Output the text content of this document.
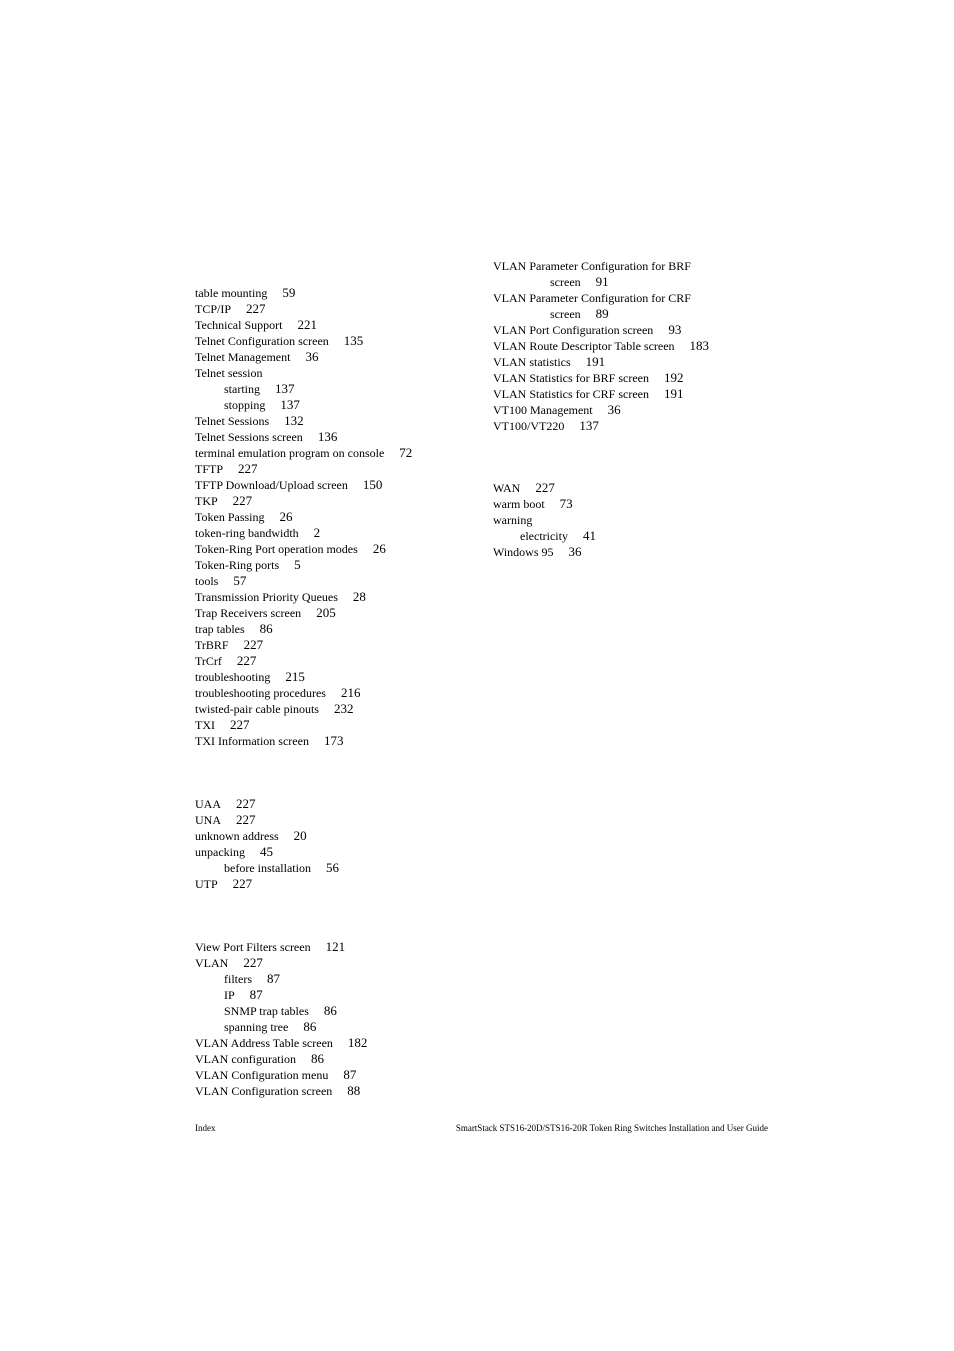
table mounting 59
TCP/IP 227
Technical Support 221
Telnet Configuration screen 135
Telnet Management 36
Telnet session
starting 137
stopping 137
Telnet Sessions 132
Telnet Sessions screen 136
terminal emulation program on console 72
TFTP 227
TFTP Download/Upload screen 150
TKP 227
Token Passing 26
token-ring bandwidth 2
Token-Ring Port operation modes 26
Token-Ring ports 5
tools 57
Transmission Priority Queues 28
Trap Receivers screen 205
trap tables 86
TrBRF 227
TrCrf 227
troubleshooting 215
troubleshooting procedures 216
twisted-pair cable pinouts 232
TXI 227
TXI Information screen 173
UAA 227
UNA 227
unknown address 20
unpacking 45
before installation 56
UTP 227
View Port Filters screen 121
VLAN 227
filters 87
IP 87
SNMP trap tables 86
spanning tree 86
VLAN Address Table screen 182
VLAN configuration 86
VLAN Configuration menu 87
VLAN Configuration screen 88
VLAN Parameter Configuration for BRF
screen 91
VLAN Parameter Configuration for CRF
screen 89
VLAN Port Configuration screen 93
VLAN Route Descriptor Table screen 183
VLAN statistics 191
VLAN Statistics for BRF screen 192
VLAN Statistics for CRF screen 191
VT100 Management 36
VT100/VT220 137
WAN 227
warm boot 73
warning
electricity 41
Windows 95 36
Index	SmartStack STS16-20D/STS16-20R Token Ring Switches Installation and User Guide
